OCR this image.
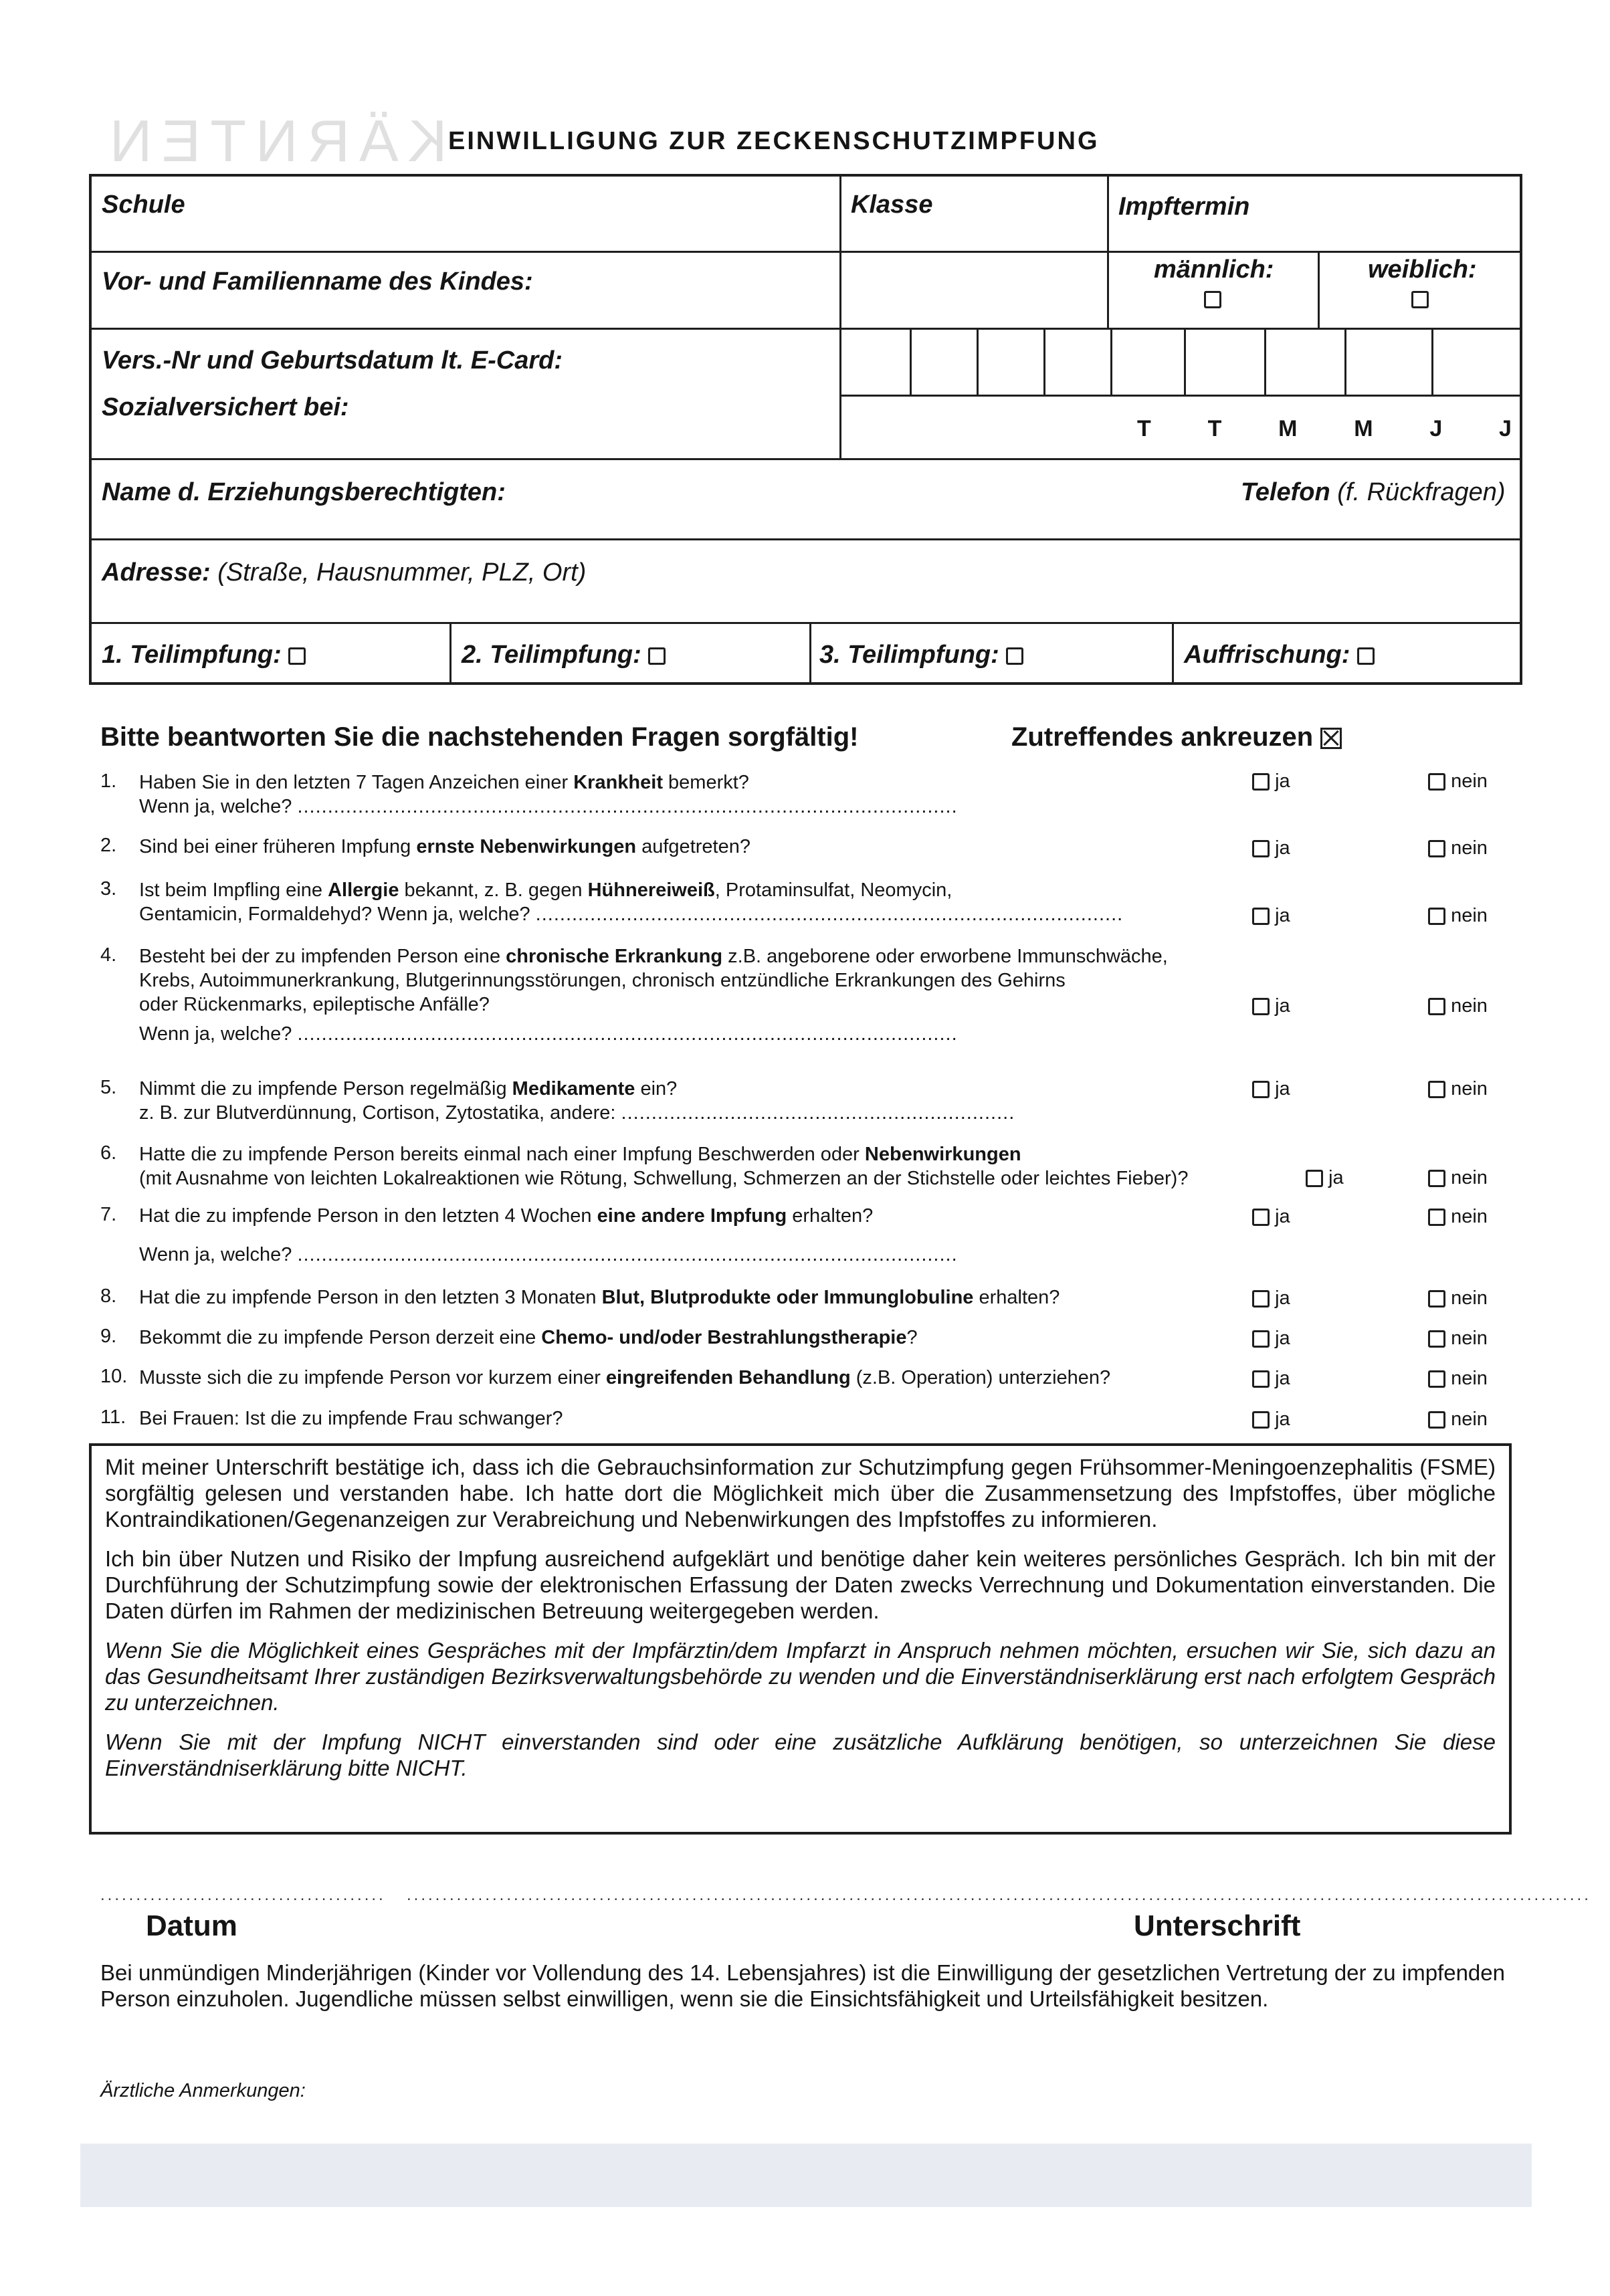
KÄRNTEN EINWILLIGUNG ZUR ZECKENSCHUTZIMPFUNG
Schule	Klasse	Impftermin
Vor- und Familienname des Kindes:	männlich:	weiblich:
Vers.-Nr und Geburtsdatum lt. E-Card:
Sozialversichert bei:
T T M M J J
Name d. Erziehungsberechtigten:	Telefon (f. Rückfragen)
Adresse: (Straße, Hausnummer, PLZ, Ort)
1. Teilimpfung:	2. Teilimpfung:	3. Teilimpfung:	Auffrischung:
Bitte beantworten Sie die nachstehenden Fragen sorgfältig!	Zutreffendes ankreuzen
1. Haben Sie in den letzten 7 Tagen Anzeichen einer Krankheit bemerkt?
Wenn ja, welche? .............................................................................................................
ja	nein
2. Sind bei einer früheren Impfung ernste Nebenwirkungen aufgetreten?	ja	nein
3. Ist beim Impfling eine Allergie bekannt, z. B. gegen Hühnereiweiß, Protaminsulfat, Neomycin,
Gentamicin, Formaldehyd? Wenn ja, welche? .................................................................................................	ja	nein
4. Besteht bei der zu impfenden Person eine chronische Erkrankung z.B. angeborene oder erworbene Immunschwäche,
Krebs, Autoimmunerkrankung, Blutgerinnungsstörungen, chronisch entzündliche Erkrankungen des Gehirns
oder Rückenmarks, epileptische Anfälle?

Wenn ja, welche? .............................................................................................................
ja	nein
5. Nimmt die zu impfende Person regelmäßig Medikamente ein?
z. B. zur Blutverdünnung, Cortison, Zytostatika, andere: .................................................................
ja	nein
6. Hatte die zu impfende Person bereits einmal nach einer Impfung Beschwerden oder Nebenwirkungen
(mit Ausnahme von leichten Lokalreaktionen wie Rötung, Schwellung, Schmerzen an der Stichstelle oder leichtes Fieber)?	ja	nein
7. Hat die zu impfende Person in den letzten 4 Wochen eine andere Impfung erhalten?

Wenn ja, welche? .............................................................................................................
ja	nein
8. Hat die zu impfende Person in den letzten 3 Monaten Blut, Blutprodukte oder Immunglobuline erhalten?	ja	nein
9. Bekommt die zu impfende Person derzeit eine Chemo- und/oder Bestrahlungstherapie?	ja	nein
10. Musste sich die zu impfende Person vor kurzem einer eingreifenden Behandlung (z.B. Operation) unterziehen?	ja	nein
11. Bei Frauen: Ist die zu impfende Frau schwanger?	ja	nein

Mit meiner Unterschrift bestätige ich, dass ich die Gebrauchsinformation zur Schutzimpfung gegen Frühsommer-Meningoenzephalitis (FSME) sorgfältig gelesen und verstanden habe. Ich hatte dort die Möglichkeit mich über die Zusammensetzung des Impfstoffes, über mögliche Kontraindikationen/Gegenanzeigen zur Verabreichung und Nebenwirkungen des Impfstoffes zu informieren.

Ich bin über Nutzen und Risiko der Impfung ausreichend aufgeklärt und benötige daher kein weiteres persönliches Gespräch. Ich bin mit der Durchführung der Schutzimpfung sowie der elektronischen Erfassung der Daten zwecks Verrechnung und Dokumentation einverstanden. Die Daten dürfen im Rahmen der medizinischen Betreuung weitergegeben werden.

Wenn Sie die Möglichkeit eines Gespräches mit der Impfärztin/dem Impfarzt in Anspruch nehmen möchten, ersuchen wir Sie, sich dazu an das Gesundheitsamt Ihrer zuständigen Bezirksverwaltungsbehörde zu wenden und die Einverständniserklärung erst nach erfolgtem Gespräch zu unterzeichnen.

Wenn Sie mit der Impfung NICHT einverstanden sind oder eine zusätzliche Aufklärung benötigen, so unterzeichnen Sie diese Einverständniserklärung bitte NICHT.

........................................ ......................................................................................................................................................................
Datum	Unterschrift
Bei unmündigen Minderjährigen (Kinder vor Vollendung des 14. Lebensjahres) ist die Einwilligung der gesetzlichen Vertretung der zu impfenden Person einzuholen. Jugendliche müssen selbst einwilligen, wenn sie die Einsichtsfähigkeit und Urteilsfähigkeit besitzen.
Ärztliche Anmerkungen:
